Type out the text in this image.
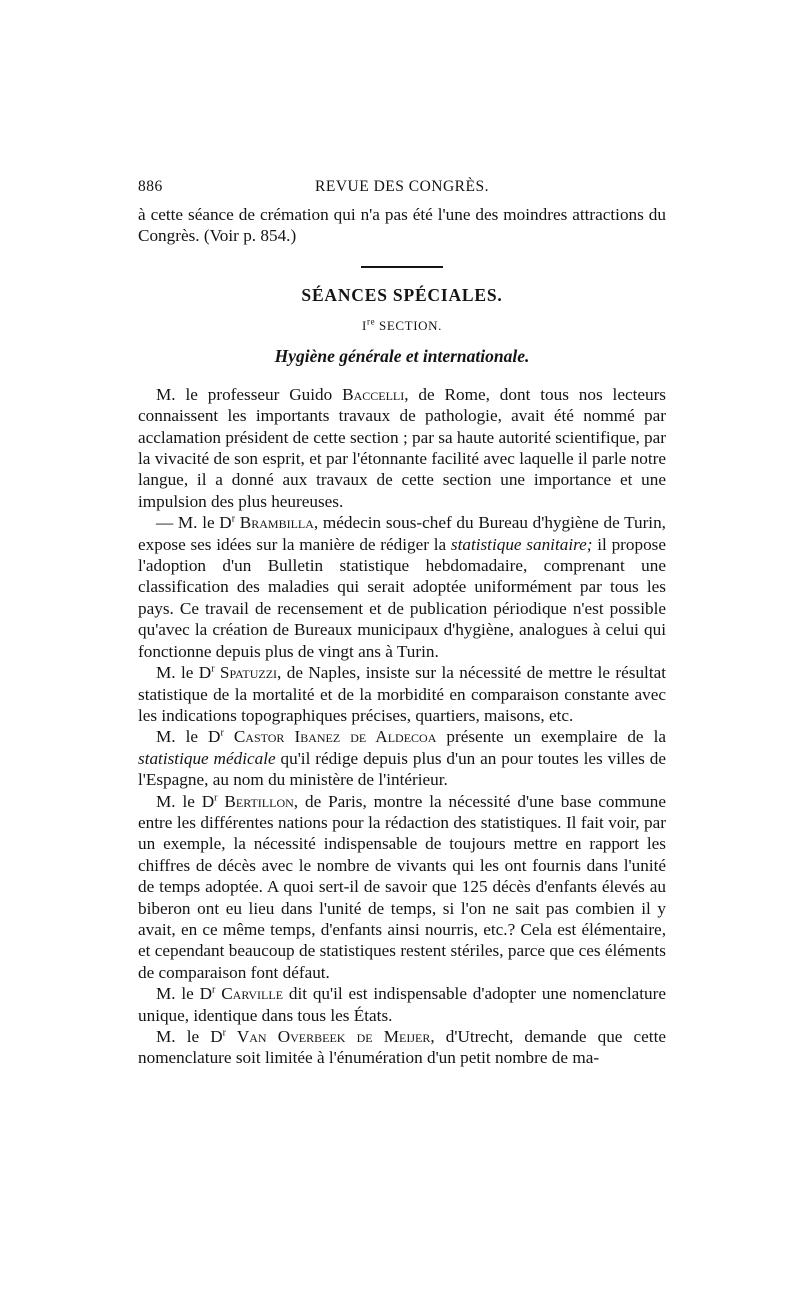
886	REVUE DES CONGRÈS.

à cette séance de crémation qui n'a pas été l'une des moindres attractions du Congrès. (Voir p. 854.)

SÉANCES SPÉCIALES.
Ire SECTION.
Hygiène générale et internationale.

M. le professeur Guido Baccelli, de Rome, dont tous nos lecteurs connaissent les importants travaux de pathologie, avait été nommé par acclamation président de cette section ; par sa haute autorité scientifique, par la vivacité de son esprit, et par l'étonnante facilité avec laquelle il parle notre langue, il a donné aux travaux de cette section une importance et une impulsion des plus heureuses.

— M. le $D^r$ Brambilla, médecin sous-chef du Bureau d'hygiène de Turin, expose ses idées sur la manière de rédiger la statistique sanitaire; il propose l'adoption d'un Bulletin statistique hebdomadaire, comprenant une classification des maladies qui serait adoptée uniformément par tous les pays. Ce travail de recensement et de publication périodique n'est possible qu'avec la création de Bureaux municipaux d'hygiène, analogues à celui qui fonctionne depuis plus de vingt ans à Turin.

M. le $D^r$ Spatuzzi, de Naples, insiste sur la nécessité de mettre le résultat statistique de la mortalité et de la morbidité en comparaison constante avec les indications topographiques précises, quartiers, maisons, etc.

M. le $D^r$ Castor Ibanez de Aldecoa présente un exemplaire de la statistique médicale qu'il rédige depuis plus d'un an pour toutes les villes de l'Espagne, au nom du ministère de l'intérieur.

M. le $D^r$ Bertillon, de Paris, montre la nécessité d'une base commune entre les différentes nations pour la rédaction des statistiques. Il fait voir, par un exemple, la nécessité indispensable de toujours mettre en rapport les chiffres de décès avec le nombre de vivants qui les ont fournis dans l'unité de temps adoptée. A quoi sert-il de savoir que 125 décès d'enfants élevés au biberon ont eu lieu dans l'unité de temps, si l'on ne sait pas combien il y avait, en ce même temps, d'enfants ainsi nourris, etc.? Cela est élémentaire, et cependant beaucoup de statistiques restent stériles, parce que ces éléments de comparaison font défaut.

M. le $D^r$ Carville dit qu'il est indispensable d'adopter une nomenclature unique, identique dans tous les États.

M. le $D^r$ Van Overbeek de Meijer, d'Utrecht, demande que cette nomenclature soit limitée à l'énumération d'un petit nombre de ma-
